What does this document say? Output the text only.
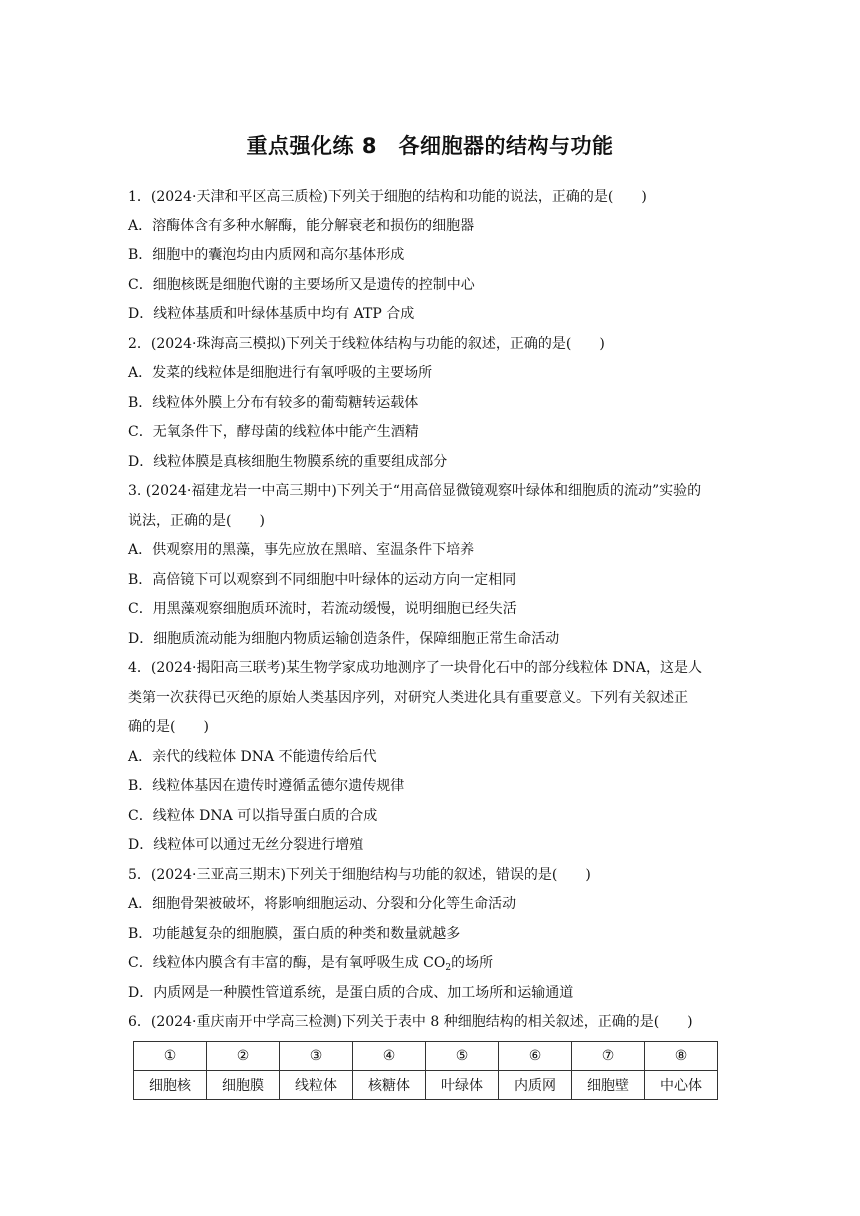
重点强化练 8　各细胞器的结构与功能
1．(2024·天津和平区高三质检)下列关于细胞的结构和功能的说法，正确的是(　　)
A．溶酶体含有多种水解酶，能分解衰老和损伤的细胞器
B．细胞中的囊泡均由内质网和高尔基体形成
C．细胞核既是细胞代谢的主要场所又是遗传的控制中心
D．线粒体基质和叶绿体基质中均有 ATP 合成
2．(2024·珠海高三模拟)下列关于线粒体结构与功能的叙述，正确的是(　　)
A．发菜的线粒体是细胞进行有氧呼吸的主要场所
B．线粒体外膜上分布有较多的葡萄糖转运载体
C．无氧条件下，酵母菌的线粒体中能产生酒精
D．线粒体膜是真核细胞生物膜系统的重要组成部分
3. (2024·福建龙岩一中高三期中)下列关于“用高倍显微镜观察叶绿体和细胞质的流动”实验的
说法，正确的是(　　)
A．供观察用的黑藻，事先应放在黑暗、室温条件下培养
B．高倍镜下可以观察到不同细胞中叶绿体的运动方向一定相同
C．用黑藻观察细胞质环流时，若流动缓慢，说明细胞已经失活
D．细胞质流动能为细胞内物质运输创造条件，保障细胞正常生命活动
4．(2024·揭阳高三联考)某生物学家成功地测序了一块骨化石中的部分线粒体 DNA，这是人
类第一次获得已灭绝的原始人类基因序列，对研究人类进化具有重要意义。下列有关叙述正
确的是(　　)
A．亲代的线粒体 DNA 不能遗传给后代
B．线粒体基因在遗传时遵循孟德尔遗传规律
C．线粒体 DNA 可以指导蛋白质的合成
D．线粒体可以通过无丝分裂进行增殖
5．(2024·三亚高三期末)下列关于细胞结构与功能的叙述，错误的是(　　)
A．细胞骨架被破坏，将影响细胞运动、分裂和分化等生命活动
B．功能越复杂的细胞膜，蛋白质的种类和数量就越多
C．线粒体内膜含有丰富的酶，是有氧呼吸生成 $CO_2$的场所
D．内质网是一种膜性管道系统，是蛋白质的合成、加工场所和运输通道
6．(2024·重庆南开中学高三检测)下列关于表中 8 种细胞结构的相关叙述，正确的是(　　)
①	②	③	④	⑤	⑥	⑦	⑧
细胞核	细胞膜	线粒体	核糖体	叶绿体	内质网	细胞壁	中心体
